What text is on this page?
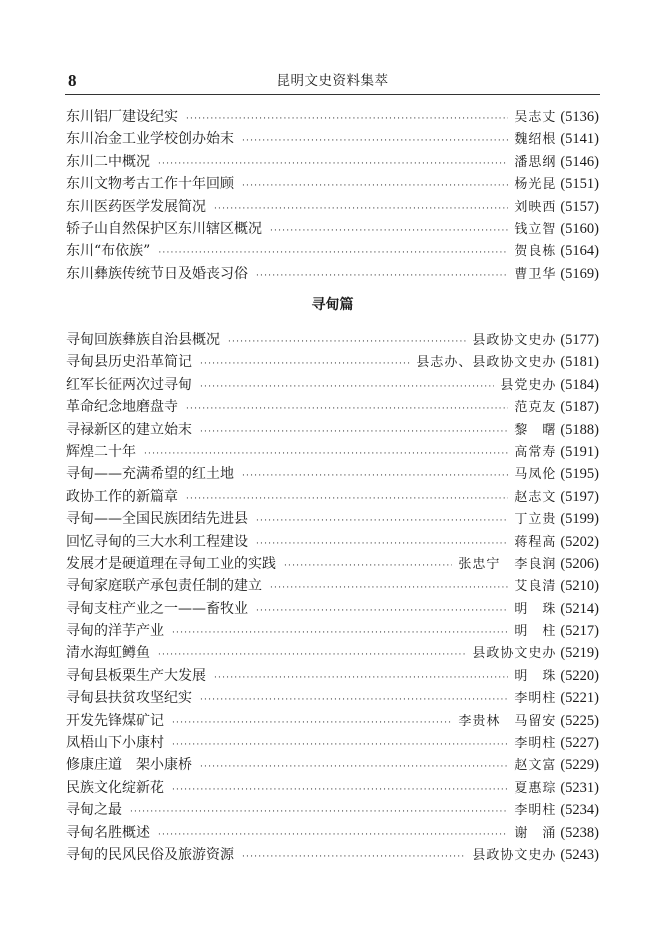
8	昆明文史资料集萃
东川铝厂建设纪实 ·····	吴志丈 (5136)
东川冶金工业学校创办始末 ·····	魏绍根 (5141)
东川二中概况 ·····	潘思纲 (5146)
东川文物考古工作十年回顾 ·····	杨光昆 (5151)
东川医药医学发展简况 ·····	刘映西 (5157)
轿子山自然保护区东川辖区概况 ·····	钱立智 (5160)
东川“布依族” ·····	贺良栋 (5164)
东川彝族传统节日及婚丧习俗 ·····	曹卫华 (5169)
寻甸篇
寻甸回族彝族自治县概况 ·····	县政协文史办 (5177)
寻甸县历史沿革简记 ·····	县志办、县政协文史办 (5181)
红军长征两次过寻甸 ·····	县党史办 (5184)
革命纪念地磨盘寺 ·····	范克友 (5187)
寻禄新区的建立始末 ·····	黎　曙 (5188)
辉煌二十年 ·····	高常寿 (5191)
寻甸——充满希望的红土地 ·····	马凤伦 (5195)
政协工作的新篇章 ·····	赵志文 (5197)
寻甸——全国民族团结先进县 ·····	丁立贵 (5199)
回忆寻甸的三大水利工程建设 ·····	蒋程高 (5202)
发展才是硬道理在寻甸工业的实践 ·····	张忠宁　李良润 (5206)
寻甸家庭联产承包责任制的建立 ·····	艾良清 (5210)
寻甸支柱产业之一——畜牧业 ·····	明　珠 (5214)
寻甸的洋芋产业 ·····	明　柱 (5217)
清水海虹鳟鱼 ·····	县政协文史办 (5219)
寻甸县板栗生产大发展 ·····	明　珠 (5220)
寻甸县扶贫攻坚纪实 ·····	李明柱 (5221)
开发先锋煤矿记 ·····	李贵林　马留安 (5225)
凤梧山下小康村 ·····	李明柱 (5227)
修康庄道　架小康桥 ·····	赵文富 (5229)
民族文化绽新花 ·····	夏惠琮 (5231)
寻甸之最 ·····	李明柱 (5234)
寻甸名胜概述 ·····	谢　涌 (5238)
寻甸的民风民俗及旅游资源 ·····	县政协文史办 (5243)
